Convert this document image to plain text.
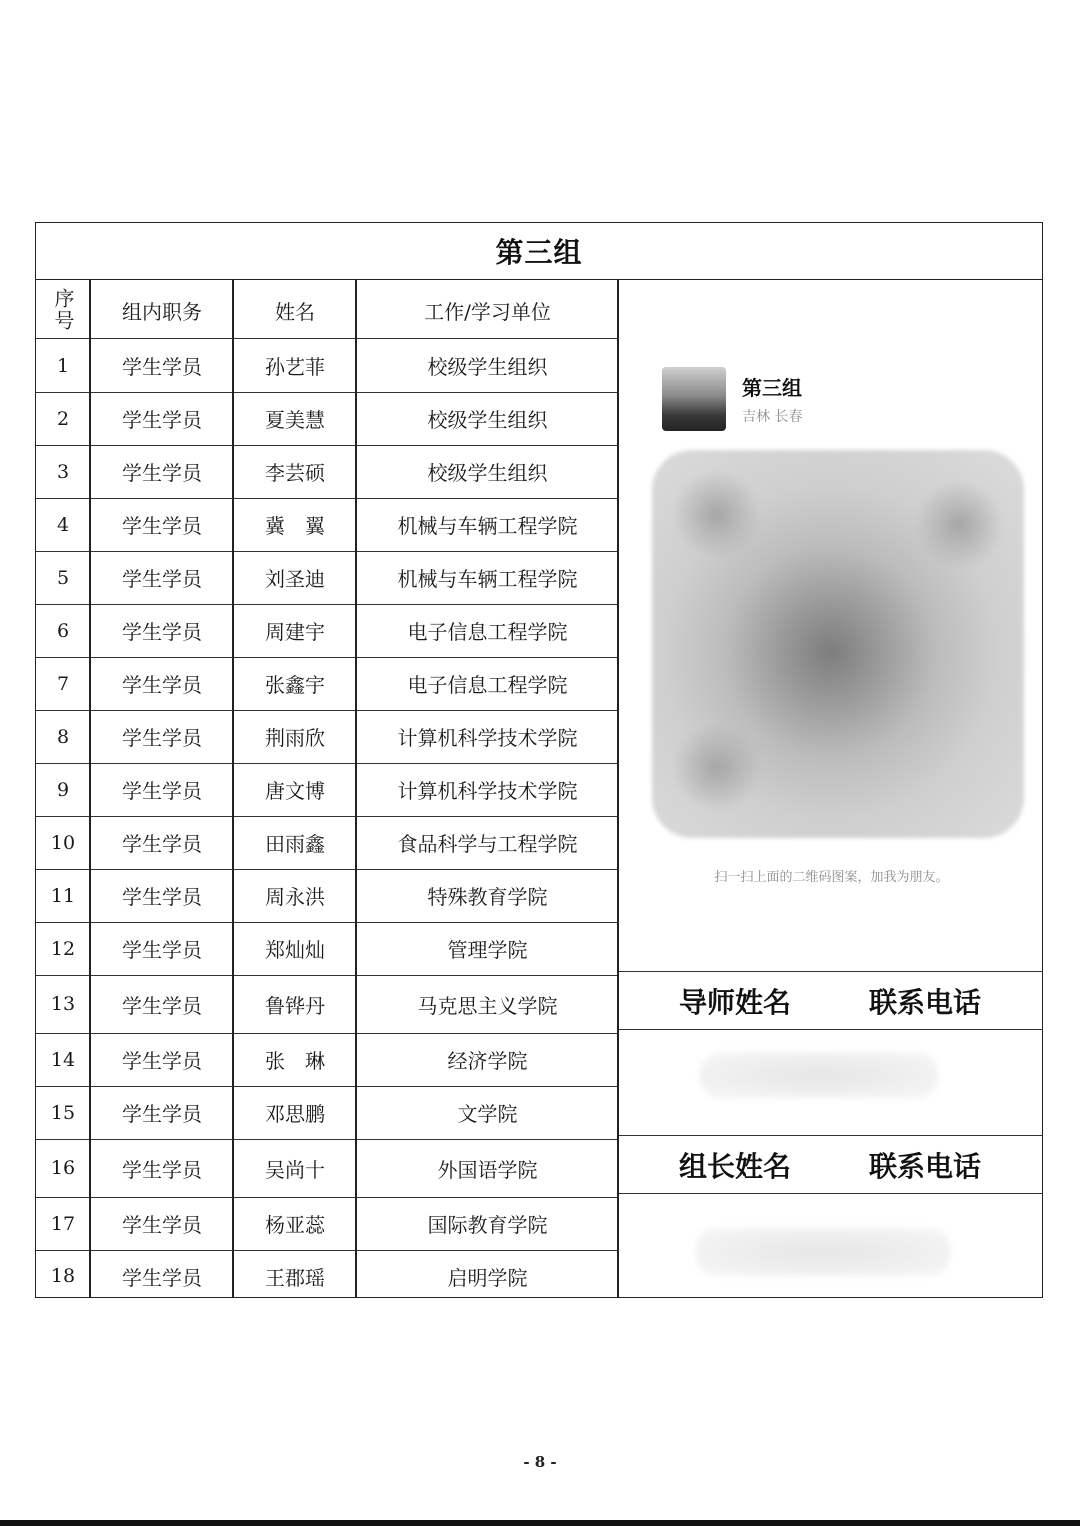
第三组
序号	组内职务	姓名	工作/学习单位
1	学生学员	孙艺菲	校级学生组织
2	学生学员	夏美慧	校级学生组织
3	学生学员	李芸硕	校级学生组织
4	学生学员	冀　翼	机械与车辆工程学院
5	学生学员	刘圣迪	机械与车辆工程学院
6	学生学员	周建宇	电子信息工程学院
7	学生学员	张鑫宇	电子信息工程学院
8	学生学员	荆雨欣	计算机科学技术学院
9	学生学员	唐文博	计算机科学技术学院
10	学生学员	田雨鑫	食品科学与工程学院
11	学生学员	周永洪	特殊教育学院
12	学生学员	郑灿灿	管理学院
13	学生学员	鲁铧丹	马克思主义学院
14	学生学员	张　琳	经济学院
15	学生学员	邓思鹏	文学院
16	学生学员	吴尚十	外国语学院
17	学生学员	杨亚蕊	国际教育学院
18	学生学员	王郡瑶	启明学院
第三组
吉林 长春
扫一扫上面的二维码图案，加我为朋友。
导师姓名	联系电话
组长姓名	联系电话
- 8 -
